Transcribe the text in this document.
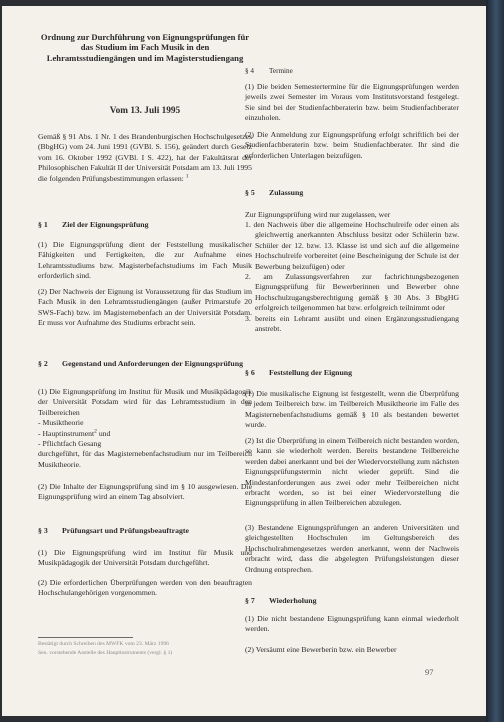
Ordnung zur Durchführung von Eignungsprüfungen für das Studium im Fach Musik in den Lehramtsstudiengängen und im Magisterstudiengang

Vom 13. Juli 1995

Gemäß § 91 Abs. 1 Nr. 1 des Brandenburgischen Hochschulgesetzes (BbgHG) vom 24. Juni 1991 (GVBl. S. 156), geändert durch Gesetz vom 16. Oktober 1992 (GVBl. I S. 422), hat der Fakultätsrat der Philosophischen Fakultät II der Universität Potsdam am 13. Juli 1995 die folgenden Prüfungsbestimmungen erlassen: $^1$

§ 1 Ziel der Eignungsprüfung

(1) Die Eignungsprüfung dient der Feststellung musikalischer Fähigkeiten und Fertigkeiten, die zur Aufnahme eines Lehramtsstudiums bzw. Magisterbefachstudiums im Fach Musik erforderlich sind.

(2) Der Nachweis der Eignung ist Voraussetzung für das Studium im Fach Musik in den Lehramtsstudiengängen (außer Primarstufe 20 SWS-Fach) bzw. im Magisternebenfach an der Universität Potsdam. Er muss vor Aufnahme des Studiums erbracht sein.

§ 2 Gegenstand und Anforderungen der Eignungsprüfung
(1) Die Eignungsprüfung im Institut für Musik und Musikpädagogik der Universität Potsdam wird für das Lehramtsstudium in den Teilbereichen
- Musiktheorie
- Hauptinstrument$^2$ und
- Pflichtfach Gesang
durchgeführt, für das Magisternebenfachstudium nur im Teilbereich Musiktheorie.

(2) Die Inhalte der Eignungsprüfung sind im § 10 ausgewiesen. Die Eignungsprüfung wird an einem Tag absolviert.

§ 3 Prüfungsart und Prüfungsbeauftragte

(1) Die Eignungsprüfung wird im Institut für Musik und Musikpädagogik der Universität Potsdam durchgeführt.

(2) Die erforderlichen Überprüfungen werden von den beauftragten Hochschulangehörigen vorgenommen.

Bestätigt durch Schreiben des MWFK vom 23. März 1996

Sen. vorstehende Anstelle des Hauptinstruments (vergl. § 1)

§ 4 Termine

(1) Die beiden Semestertermine für die Eignungsprüfungen werden jeweils zwei Semester im Voraus vom Institutsvorstand festgelegt. Sie sind bei der Studienfachberaterin bzw. beim Studienfachberater einzuholen.

(2) Die Anmeldung zur Eignungsprüfung erfolgt schriftlich bei der Studienfachberaterin bzw. beim Studienfachberater. Ihr sind die erforderlichen Unterlagen beizufügen.

§ 5 Zulassung

Zur Eignungsprüfung wird nur zugelassen, wer

1. den Nachweis über die allgemeine Hochschulreife oder einen als gleichwertig anerkannten Abschluss besitzt oder Schülerin bzw. Schüler der 12. bzw. 13. Klasse ist und sich auf die allgemeine Hochschulreife vorbereitet (eine Bescheinigung der Schule ist der Bewerbung beizufügen) oder
2. am Zulassungsverfahren zur fachrichtungsbezogenen Eignungsprüfung für Bewerberinnen und Bewerber ohne Hochschulzugangsberechtigung gemäß § 30 Abs. 3 BbgHG erfolgreich teilgenommen hat bzw. erfolgreich teilnimmt oder
3. bereits ein Lehramt ausübt und einen Ergänzungsstudiengang anstrebt.
§ 6 Feststellung der Eignung

(1) Die musikalische Eignung ist festgestellt, wenn die Überprüfung in jedem Teilbereich bzw. im Teilbereich Musiktheorie im Falle des Magisternebenfachstudiums gemäß § 10 als bestanden bewertet wurde.

(2) Ist die Überprüfung in einem Teilbereich nicht bestanden worden, so kann sie wiederholt werden. Bereits bestandene Teilbereiche werden dabei anerkannt und bei der Wiedervorstellung zum nächsten Eignungsprüfungstermin nicht wieder geprüft. Sind die Mindestanforderungen aus zwei oder mehr Teilbereichen nicht erbracht worden, so ist bei einer Wiedervorstellung die Eignungsprüfung in allen Teilbereichen abzulegen.

(3) Bestandene Eignungsprüfungen an anderen Universitäten und gleichgestellten Hochschulen im Geltungsbereich des Hochschulrahmengesetzes werden anerkannt, wenn der Nachweis erbracht wird, dass die abgelegten Prüfungsleistungen dieser Ordnung entsprechen.

§ 7 Wiederholung

(1) Die nicht bestandene Eignungsprüfung kann einmal wiederholt werden.

(2) Versäumt eine Bewerberin bzw. ein Bewerber

97
